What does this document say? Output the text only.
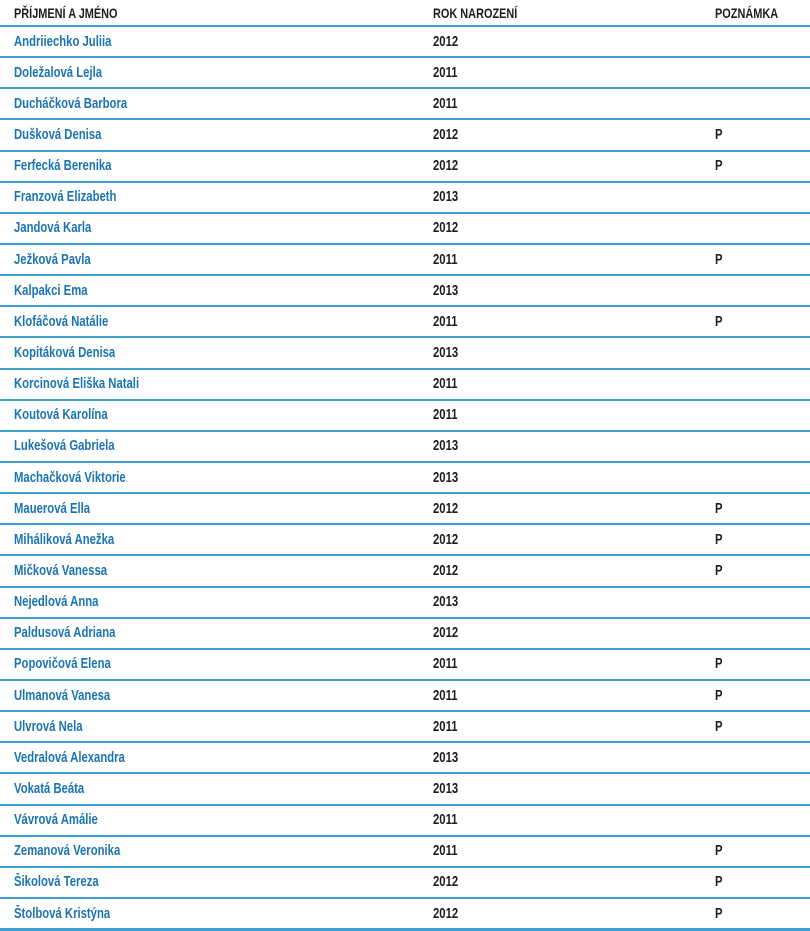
PŘÍJMENÍ A JMÉNO	ROK NAROZENÍ	POZNÁMKA
Andriiechko Juliia	2012
Doležalová Lejla	2011
Ducháčková Barbora	2011
Dušková Denisa	2012	P
Ferfecká Berenika	2012	P
Franzová Elizabeth	2013
Jandová Karla	2012
Ježková Pavla	2011	P
Kalpakci Ema	2013
Klofáčová Natálie	2011	P
Kopitáková Denisa	2013
Korcinová Eliška Natali	2011
Koutová Karolína	2011
Lukešová Gabriela	2013
Machačková Viktorie	2013
Mauerová Ella	2012	P
Miháliková Anežka	2012	P
Mičková Vanessa	2012	P
Nejedlová Anna	2013
Paldusová Adriana	2012
Popovičová Elena	2011	P
Ulmanová Vanesa	2011	P
Ulvrová Nela	2011	P
Vedralová Alexandra	2013
Vokatá Beáta	2013
Vávrová Amálie	2011
Zemanová Veronika	2011	P
Šikolová Tereza	2012	P
Štolbová Kristýna	2012	P
